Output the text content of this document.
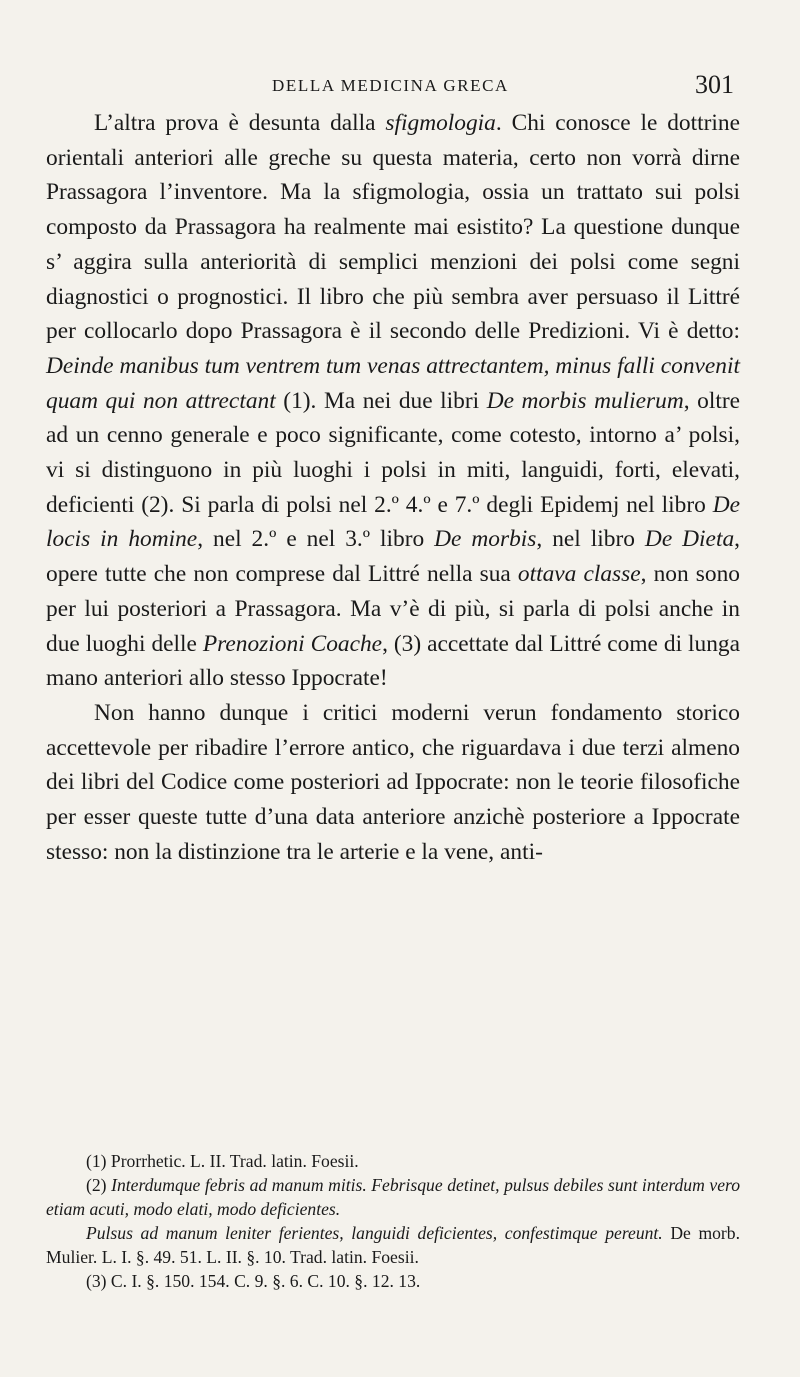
DELLA MEDICINA GRECA	301

L’altra prova è desunta dalla sfigmologia. Chi conosce le dottrine orientali anteriori alle greche su questa materia, certo non vorrà dirne Prassagora l’inventore. Ma la sfigmologia, ossia un trattato sui polsi composto da Prassagora ha realmente mai esistito? La questione dunque s’ aggira sulla anteriorità di semplici menzioni dei polsi come segni diagnostici o prognostici. Il libro che più sembra aver persuaso il Littré per collocarlo dopo Prassagora è il secondo delle Predizioni. Vi è detto: Deinde manibus tum ventrem tum venas attrectantem, minus falli convenit quam qui non attrectant (1). Ma nei due libri De morbis mulierum, oltre ad un cenno generale e poco significante, come cotesto, intorno a’ polsi, vi si distinguono in più luoghi i polsi in miti, languidi, forti, elevati, deficienti (2). Si parla di polsi nel 2.º 4.º e 7.º degli Epidemj nel libro De locis in homine, nel 2.º e nel 3.º libro De morbis, nel libro De Dieta, opere tutte che non comprese dal Littré nella sua ottava classe, non sono per lui posteriori a Prassagora. Ma v’è di più, si parla di polsi anche in due luoghi delle Prenozioni Coache, (3) accettate dal Littré come di lunga mano anteriori allo stesso Ippocrate!

Non hanno dunque i critici moderni verun fondamento storico accettevole per ribadire l’errore antico, che riguardava i due terzi almeno dei libri del Codice come posteriori ad Ippocrate: non le teorie filosofiche per esser queste tutte d’una data anteriore anzichè posteriore a Ippocrate stesso: non la distinzione tra le arterie e la vene, anti-

(1) Prorrhetic. L. II. Trad. latin. Foesii.

(2) Interdumque febris ad manum mitis. Febrisque detinet, pulsus debiles sunt interdum vero etiam acuti, modo elati, modo deficientes.

Pulsus ad manum leniter ferientes, languidi deficientes, confestimque pereunt. De morb. Mulier. L. I. §. 49. 51. L. II. §. 10. Trad. latin. Foesii.

(3) C. I. §. 150. 154. C. 9. §. 6. C. 10. §. 12. 13.
